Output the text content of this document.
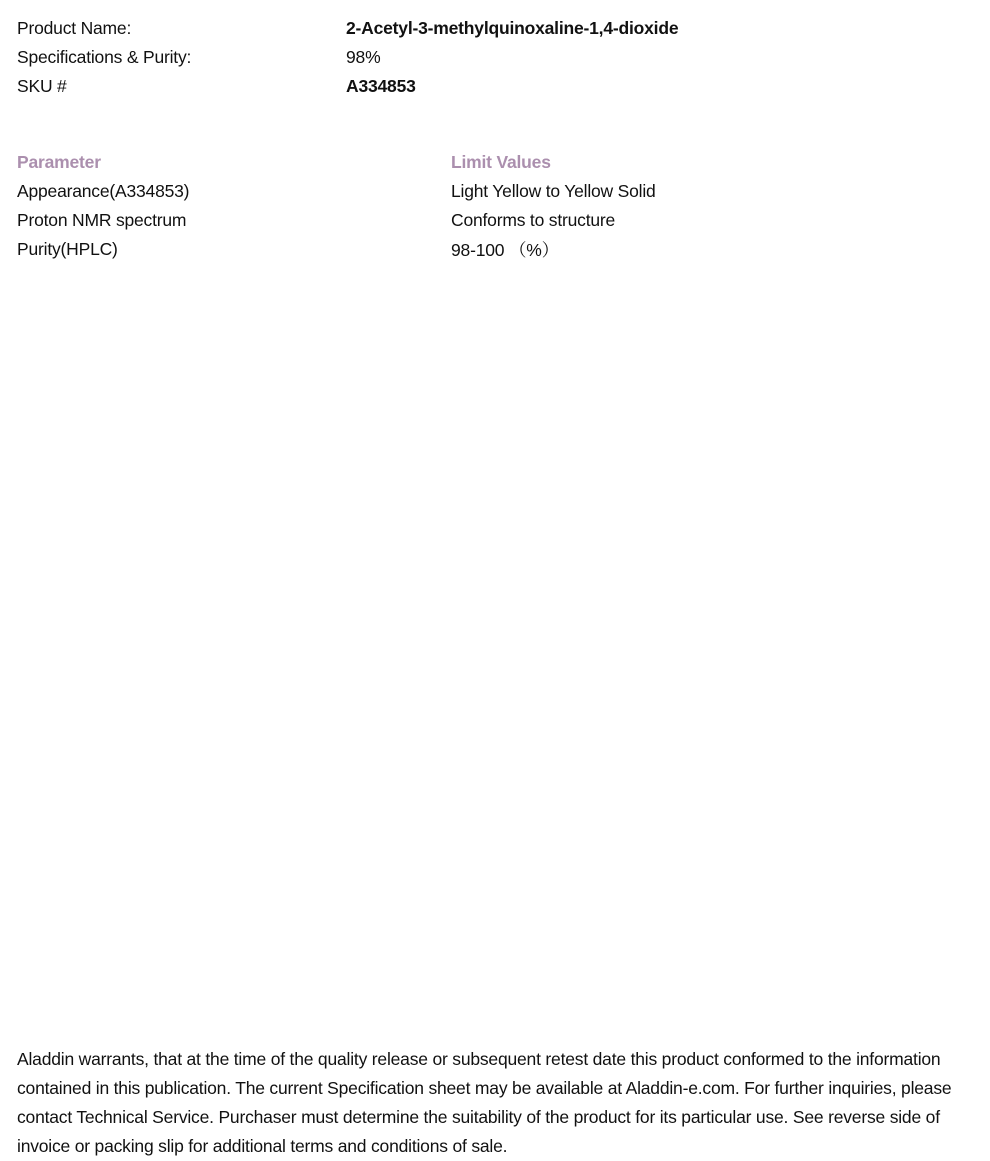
Product Name:	2-Acetyl-3-methylquinoxaline-1,4-dioxide
Specifications & Purity:	98%
SKU #	A334853
Parameter	Limit Values
Appearance(A334853)	Light Yellow to Yellow Solid
Proton NMR spectrum	Conforms to structure
Purity(HPLC)	98-100 （%）

Aladdin warrants, that at the time of the quality release or subsequent retest date this product conformed to the information contained in this publication. The current Specification sheet may be available at Aladdin-e.com. For further inquiries, please contact Technical Service. Purchaser must determine the suitability of the product for its particular use. See reverse side of invoice or packing slip for additional terms and conditions of sale.
